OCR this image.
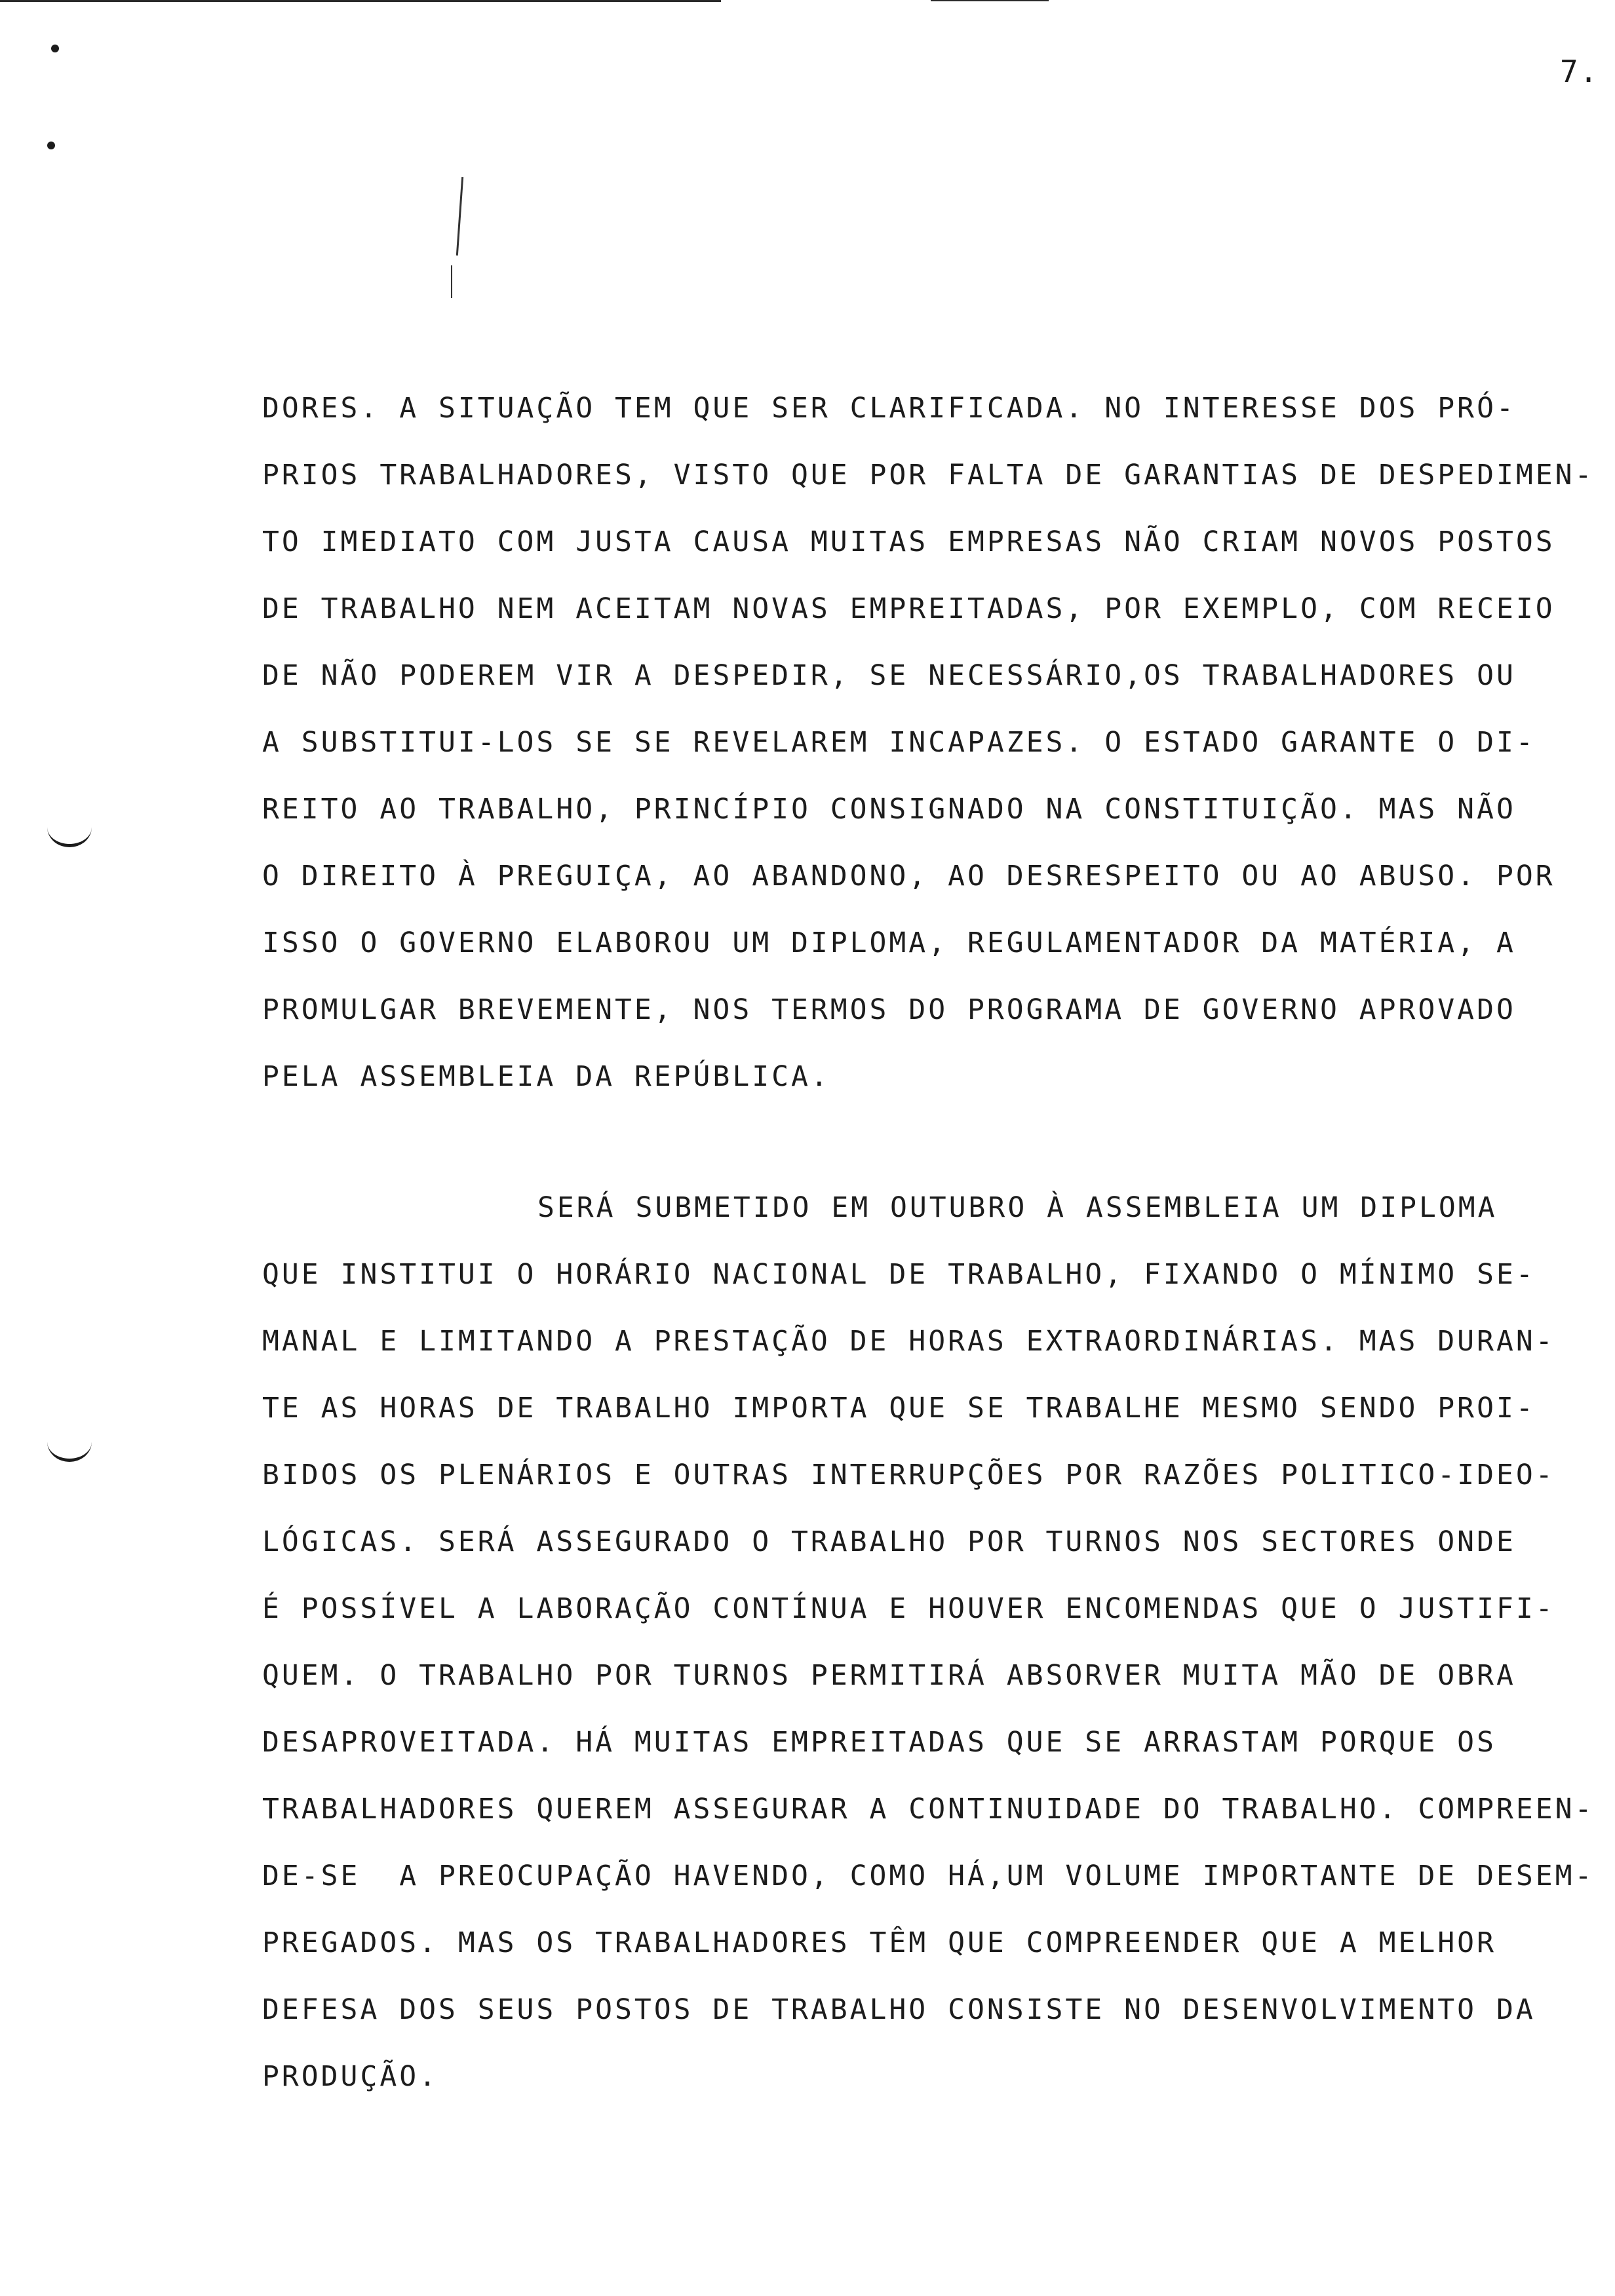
7.
DORES. A SITUAÇÃO TEM QUE SER CLARIFICADA. NO INTERESSE DOS PRÓ-
PRIOS TRABALHADORES, VISTO QUE POR FALTA DE GARANTIAS DE DESPEDIMEN-
TO IMEDIATO COM JUSTA CAUSA MUITAS EMPRESAS NÃO CRIAM NOVOS POSTOS
DE TRABALHO NEM ACEITAM NOVAS EMPREITADAS, POR EXEMPLO, COM RECEIO
DE NÃO PODEREM VIR A DESPEDIR, SE NECESSÁRIO,OS TRABALHADORES OU
A SUBSTITUI-LOS SE SE REVELAREM INCAPAZES. O ESTADO GARANTE O DI-
REITO AO TRABALHO, PRINCÍPIO CONSIGNADO NA CONSTITUIÇÃO. MAS NÃO
O DIREITO À PREGUIÇA, AO ABANDONO, AO DESRESPEITO OU AO ABUSO. POR
ISSO O GOVERNO ELABOROU UM DIPLOMA, REGULAMENTADOR DA MATÉRIA, A
PROMULGAR BREVEMENTE, NOS TERMOS DO PROGRAMA DE GOVERNO APROVADO
PELA ASSEMBLEIA DA REPÚBLICA.
SERÁ SUBMETIDO EM OUTUBRO À ASSEMBLEIA UM DIPLOMA
QUE INSTITUI O HORÁRIO NACIONAL DE TRABALHO, FIXANDO O MÍNIMO SE-
MANAL E LIMITANDO A PRESTAÇÃO DE HORAS EXTRAORDINÁRIAS. MAS DURAN-
TE AS HORAS DE TRABALHO IMPORTA QUE SE TRABALHE MESMO SENDO PROI-
BIDOS OS PLENÁRIOS E OUTRAS INTERRUPÇÕES POR RAZÕES POLITICO-IDEO-
LÓGICAS. SERÁ ASSEGURADO O TRABALHO POR TURNOS NOS SECTORES ONDE
É POSSÍVEL A LABORAÇÃO CONTÍNUA E HOUVER ENCOMENDAS QUE O JUSTIFI-
QUEM. O TRABALHO POR TURNOS PERMITIRÁ ABSORVER MUITA MÃO DE OBRA
DESAPROVEITADA. HÁ MUITAS EMPREITADAS QUE SE ARRASTAM PORQUE OS
TRABALHADORES QUEREM ASSEGURAR A CONTINUIDADE DO TRABALHO. COMPREEN-
DE-SE  A PREOCUPAÇÃO HAVENDO, COMO HÁ,UM VOLUME IMPORTANTE DE DESEM-
PREGADOS. MAS OS TRABALHADORES TÊM QUE COMPREENDER QUE A MELHOR
DEFESA DOS SEUS POSTOS DE TRABALHO CONSISTE NO DESENVOLVIMENTO DA
PRODUÇÃO.
